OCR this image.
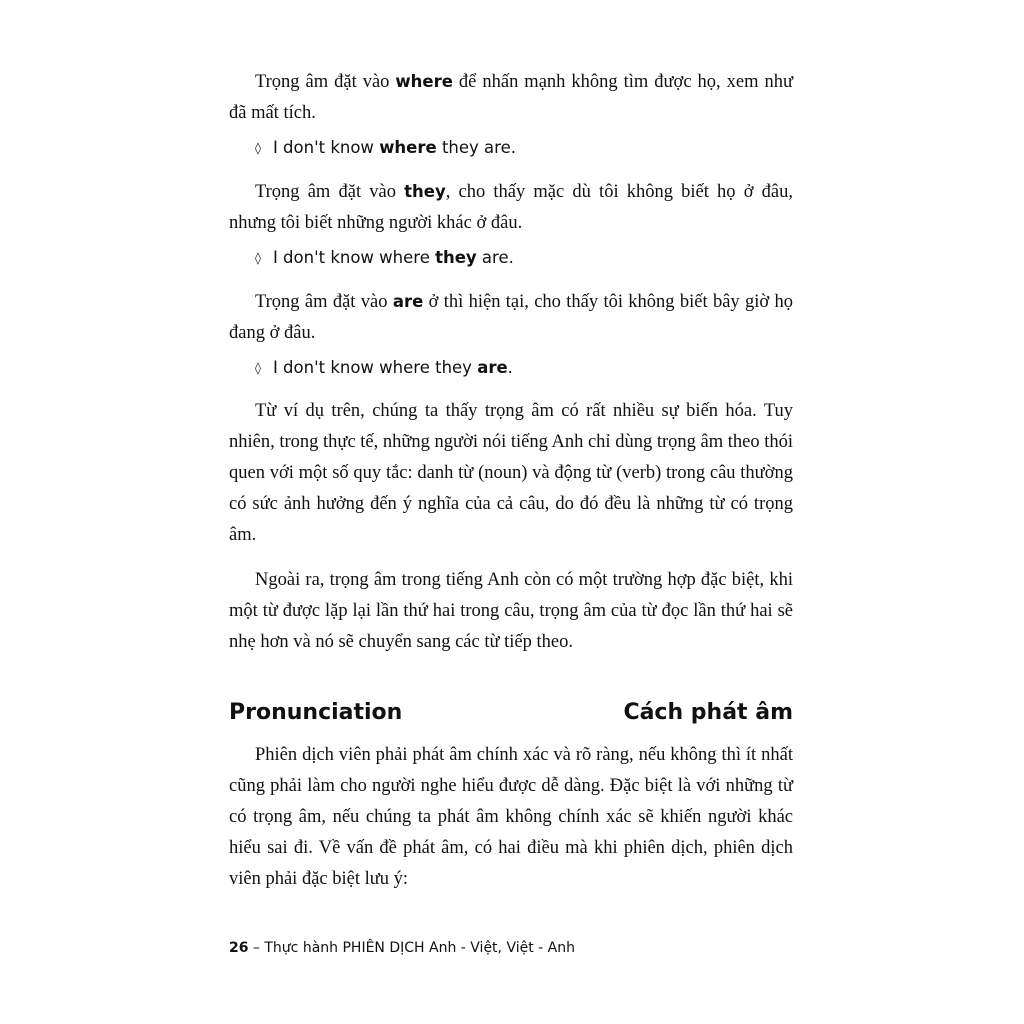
Trọng âm đặt vào where để nhấn mạnh không tìm được họ, xem như đã mất tích.

◊ I don't know where they are.

Trọng âm đặt vào they, cho thấy mặc dù tôi không biết họ ở đâu, nhưng tôi biết những người khác ở đâu.

◊ I don't know where they are.

Trọng âm đặt vào are ở thì hiện tại, cho thấy tôi không biết bây giờ họ đang ở đâu.

◊ I don't know where they are.

Từ ví dụ trên, chúng ta thấy trọng âm có rất nhiều sự biến hóa. Tuy nhiên, trong thực tế, những người nói tiếng Anh chỉ dùng trọng âm theo thói quen với một số quy tắc: danh từ (noun) và động từ (verb) trong câu thường có sức ảnh hưởng đến ý nghĩa của cả câu, do đó đều là những từ có trọng âm.

Ngoài ra, trọng âm trong tiếng Anh còn có một trường hợp đặc biệt, khi một từ được lặp lại lần thứ hai trong câu, trọng âm của từ đọc lần thứ hai sẽ nhẹ hơn và nó sẽ chuyển sang các từ tiếp theo.

Pronunciation	Cách phát âm

Phiên dịch viên phải phát âm chính xác và rõ ràng, nếu không thì ít nhất cũng phải làm cho người nghe hiểu được dễ dàng. Đặc biệt là với những từ có trọng âm, nếu chúng ta phát âm không chính xác sẽ khiến người khác hiểu sai đi. Về vấn đề phát âm, có hai điều mà khi phiên dịch, phiên dịch viên phải đặc biệt lưu ý:

26 – Thực hành PHIÊN DỊCH Anh - Việt, Việt - Anh
